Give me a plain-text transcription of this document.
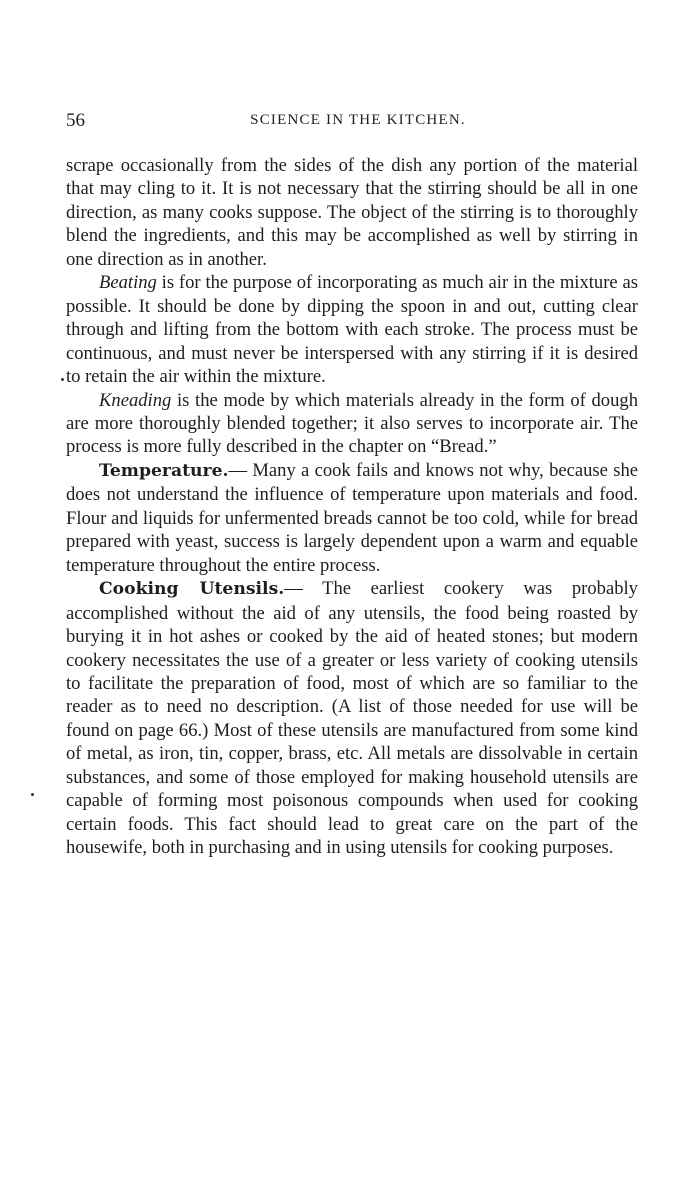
56	SCIENCE IN THE KITCHEN.

scrape occasionally from the sides of the dish any portion of the material that may cling to it. It is not necessary that the stirring should be all in one direction, as many cooks suppose. The object of the stirring is to thoroughly blend the ingredients, and this may be accomplished as well by stirring in one direction as in another.

Beating is for the purpose of incorporating as much air in the mixture as possible. It should be done by dipping the spoon in and out, cutting clear through and lifting from the bottom with each stroke. The process must be continuous, and must never be interspersed with any stirring if it is desired to retain the air within the mixture.

Kneading is the mode by which materials already in the form of dough are more thoroughly blended together; it also serves to incorporate air. The process is more fully described in the chapter on “Bread.”

Temperature.— Many a cook fails and knows not why, because she does not understand the influence of temperature upon materials and food. Flour and liquids for unfermented breads cannot be too cold, while for bread prepared with yeast, success is largely dependent upon a warm and equable temperature throughout the entire process.

Cooking Utensils.— The earliest cookery was probably accomplished without the aid of any utensils, the food being roasted by burying it in hot ashes or cooked by the aid of heated stones; but modern cookery necessitates the use of a greater or less variety of cooking utensils to facilitate the preparation of food, most of which are so familiar to the reader as to need no description. (A list of those needed for use will be found on page 66.) Most of these utensils are manufactured from some kind of metal, as iron, tin, copper, brass, etc. All metals are dissolvable in certain substances, and some of those employed for making household utensils are capable of forming most poisonous compounds when used for cooking certain foods. This fact should lead to great care on the part of the housewife, both in purchasing and in using utensils for cooking purposes.
